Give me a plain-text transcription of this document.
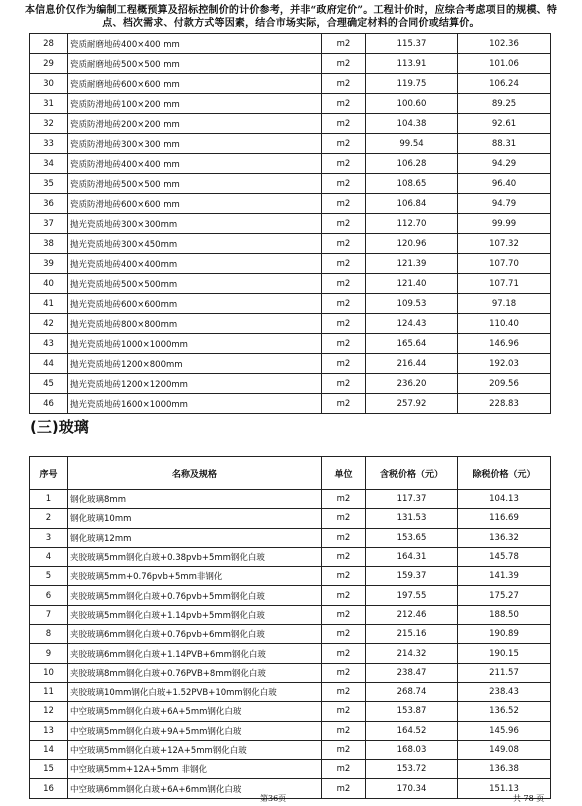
本信息价仅作为编制工程概预算及招标控制价的计价参考，并非“政府定价”。工程计价时，应综合考虑项目的规模、特点、档次需求、付款方式等因素，结合市场实际，合理确定材料的合同价或结算价。
28	瓷质耐磨地砖400×400 mm	m2	115.37	102.36
29	瓷质耐磨地砖500×500 mm	m2	113.91	101.06
30	瓷质耐磨地砖600×600 mm	m2	119.75	106.24
31	瓷质防滑地砖100×200 mm	m2	100.60	89.25
32	瓷质防滑地砖200×200 mm	m2	104.38	92.61
33	瓷质防滑地砖300×300 mm	m2	99.54	88.31
34	瓷质防滑地砖400×400 mm	m2	106.28	94.29
35	瓷质防滑地砖500×500 mm	m2	108.65	96.40
36	瓷质防滑地砖600×600 mm	m2	106.84	94.79
37	抛光瓷质地砖300×300mm	m2	112.70	99.99
38	抛光瓷质地砖300×450mm	m2	120.96	107.32
39	抛光瓷质地砖400×400mm	m2	121.39	107.70
40	抛光瓷质地砖500×500mm	m2	121.40	107.71
41	抛光瓷质地砖600×600mm	m2	109.53	97.18
42	抛光瓷质地砖800×800mm	m2	124.43	110.40
43	抛光瓷质地砖1000×1000mm	m2	165.64	146.96
44	抛光瓷质地砖1200×800mm	m2	216.44	192.03
45	抛光瓷质地砖1200×1200mm	m2	236.20	209.56
46	抛光瓷质地砖1600×1000mm	m2	257.92	228.83
(三)玻璃
序号	名称及规格	单位	含税价格（元）	除税价格（元）
1	钢化玻璃8mm	m2	117.37	104.13
2	钢化玻璃10mm	m2	131.53	116.69
3	钢化玻璃12mm	m2	153.65	136.32
4	夹胶玻璃5mm钢化白玻+0.38pvb+5mm钢化白玻	m2	164.31	145.78
5	夹胶玻璃5mm+0.76pvb+5mm非钢化	m2	159.37	141.39
6	夹胶玻璃5mm钢化白玻+0.76pvb+5mm钢化白玻	m2	197.55	175.27
7	夹胶玻璃5mm钢化白玻+1.14pvb+5mm钢化白玻	m2	212.46	188.50
8	夹胶玻璃6mm钢化白玻+0.76pvb+6mm钢化白玻	m2	215.16	190.89
9	夹胶玻璃6mm钢化白玻+1.14PVB+6mm钢化白玻	m2	214.32	190.15
10	夹胶玻璃8mm钢化白玻+0.76PVB+8mm钢化白玻	m2	238.47	211.57
11	夹胶玻璃10mm钢化白玻+1.52PVB+10mm钢化白玻	m2	268.74	238.43
12	中空玻璃5mm钢化白玻+6A+5mm钢化白玻	m2	153.87	136.52
13	中空玻璃5mm钢化白玻+9A+5mm钢化白玻	m2	164.52	145.96
14	中空玻璃5mm钢化白玻+12A+5mm钢化白玻	m2	168.03	149.08
15	中空玻璃5mm+12A+5mm 非钢化	m2	153.72	136.38
16	中空玻璃6mm钢化白玻+6A+6mm钢化白玻	m2	170.34	151.13
第36页	共 78 页
